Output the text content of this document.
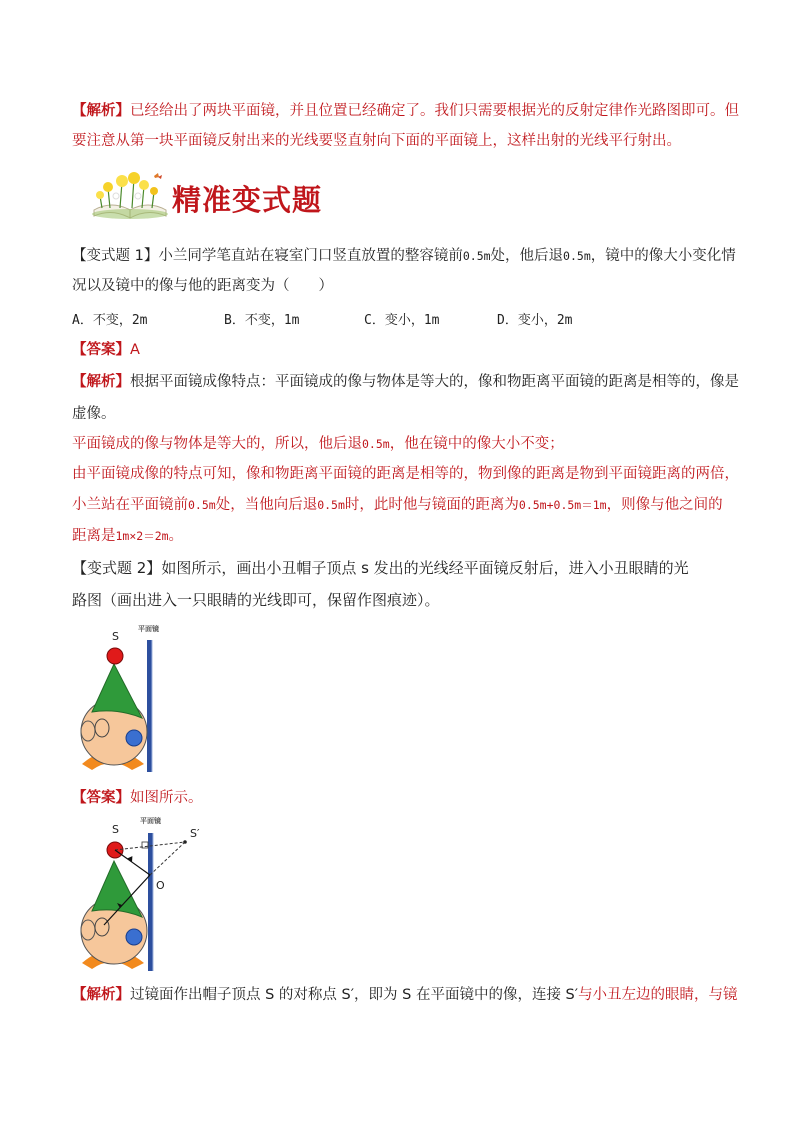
【解析】已经给出了两块平面镜，并且位置已经确定了。我们只需要根据光的反射定律作光路图即可。但
要注意从第一块平面镜反射出来的光线要竖直射向下面的平面镜上，这样出射的光线平行射出。
精准变式题
【变式题 1】小兰同学笔直站在寝室门口竖直放置的整容镜前0.5m处，他后退0.5m，镜中的像大小变化情
况以及镜中的像与他的距离变为（　　）
A．不变，2m	B．不变，1m	C．变小，1m	D．变小，2m
【答案】A
【解析】根据平面镜成像特点：平面镜成的像与物体是等大的，像和物距离平面镜的距离是相等的，像是
虚像。
平面镜成的像与物体是等大的，所以，他后退0.5m，他在镜中的像大小不变；
由平面镜成像的特点可知，像和物距离平面镜的距离是相等的，物到像的距离是物到平面镜距离的两倍，
小兰站在平面镜前0.5m处，当他向后退0.5m时，此时他与镜面的距离为0.5m+0.5m＝1m，则像与他之间的
距离是1m×2＝2m。
【变式题 2】如图所示，画出小丑帽子顶点 s 发出的光线经平面镜反射后，进入小丑眼睛的光
路图（画出进入一只眼睛的光线即可，保留作图痕迹）。
S
平面镜
【答案】如图所示。
S	S′
平面镜
O
【解析】过镜面作出帽子顶点 S 的对称点 S′，即为 S 在平面镜中的像，连接 S′与小丑左边的眼睛，与镜
